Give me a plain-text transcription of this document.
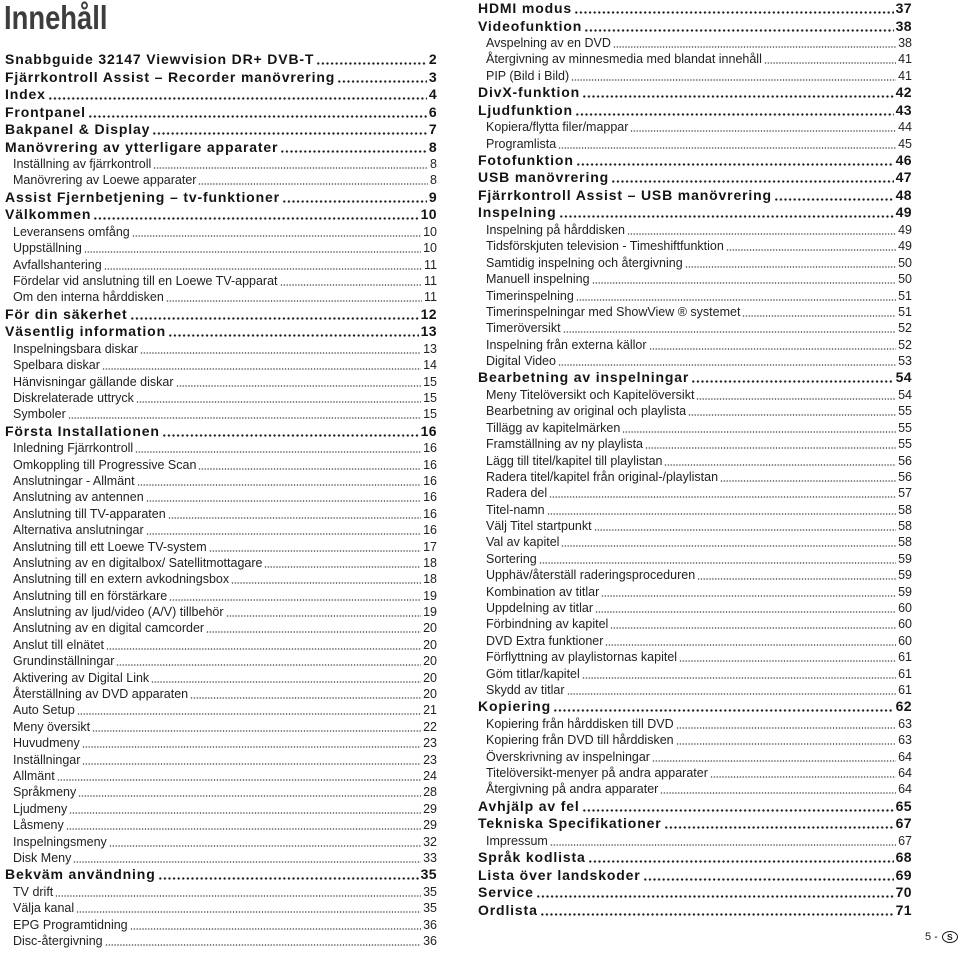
Innehåll
Snabbguide 32147 Viewvision DR+ DVB-T	2
Fjärrkontroll Assist – Recorder manövrering	3
Index	4
Frontpanel	6
Bakpanel & Display	7
Manövrering av ytterligare apparater	8
Inställning av fjärrkontroll	8
Manövrering av Loewe apparater	8
Assist Fjernbetjening – tv-funktioner	9
Välkommen	10
Leveransens omfång	10
Uppställning	10
Avfallshantering	11
Fördelar vid anslutning till en Loewe TV-apparat	11
Om den interna hårddisken	11
För din säkerhet	12
Väsentlig information	13
Inspelningsbara diskar	13
Spelbara diskar	14
Hänvisningar gällande diskar	15
Diskrelaterade uttryck	15
Symboler	15
Första Installationen	16
Inledning Fjärrkontroll	16
Omkoppling till Progressive Scan	16
Anslutningar - Allmänt	16
Anslutning av antennen	16
Anslutning till TV-apparaten	16
Alternativa anslutningar	16
Anslutning till ett Loewe TV-system	17
Anslutning av en digitalbox/ Satellitmottagare	18
Anslutning till en extern avkodningsbox	18
Anslutning till en förstärkare	19
Anslutning av ljud/video (A/V) tillbehör	19
Anslutning av en digital camcorder	20
Anslut till elnätet	20
Grundinställningar	20
Aktivering av Digital Link	20
Återställning av DVD apparaten	20
Auto Setup	21
Meny översikt	22
Huvudmeny	23
Inställningar	23
Allmänt	24
Språkmeny	28
Ljudmeny	29
Låsmeny	29
Inspelningsmeny	32
Disk Meny	33
Bekväm användning	35
TV drift	35
Välja kanal	35
EPG Programtidning	36
Disc-återgivning	36
HDMI modus	37
Videofunktion	38
Avspelning av en DVD	38
Återgivning av minnesmedia med blandat innehåll	41
PIP (Bild i Bild)	41
DivX-funktion	42
Ljudfunktion	43
Kopiera/flytta filer/mappar	44
Programlista	45
Fotofunktion	46
USB manövrering	47
Fjärrkontroll Assist – USB manövrering	48
Inspelning	49
Inspelning på hårddisken	49
Tidsförskjuten television - Timeshiftfunktion	49
Samtidig inspelning och återgivning	50
Manuell inspelning	50
Timerinspelning	51
Timerinspelningar med ShowView ® systemet	51
Timeröversikt	52
Inspelning från externa källor	52
Digital Video	53
Bearbetning av inspelningar	54
Meny Titelöversikt och Kapitelöversikt	54
Bearbetning av original och playlista	55
Tillägg av kapitelmärken	55
Framställning av ny playlista	55
Lägg till titel/kapitel till playlistan	56
Radera titel/kapitel från original-/playlistan	56
Radera del	57
Titel-namn	58
Välj Titel startpunkt	58
Val av kapitel	58
Sortering	59
Upphäv/återställ raderingsproceduren	59
Kombination av titlar	59
Uppdelning av titlar	60
Förbindning av kapitel	60
DVD Extra funktioner	60
Förflyttning av playlistornas kapitel	61
Göm titlar/kapitel	61
Skydd av titlar	61
Kopiering	62
Kopiering från hårddisken till DVD	63
Kopiering från DVD till hårddisken	63
Överskrivning av inspelningar	64
Titelöversikt-menyer på andra apparater	64
Återgivning på andra apparater	64
Avhjälp av fel	65
Tekniska Specifikationer	67
Impressum	67
Språk kodlista	68
Lista över landskoder	69
Service	70
Ordlista	71
5 -	S
